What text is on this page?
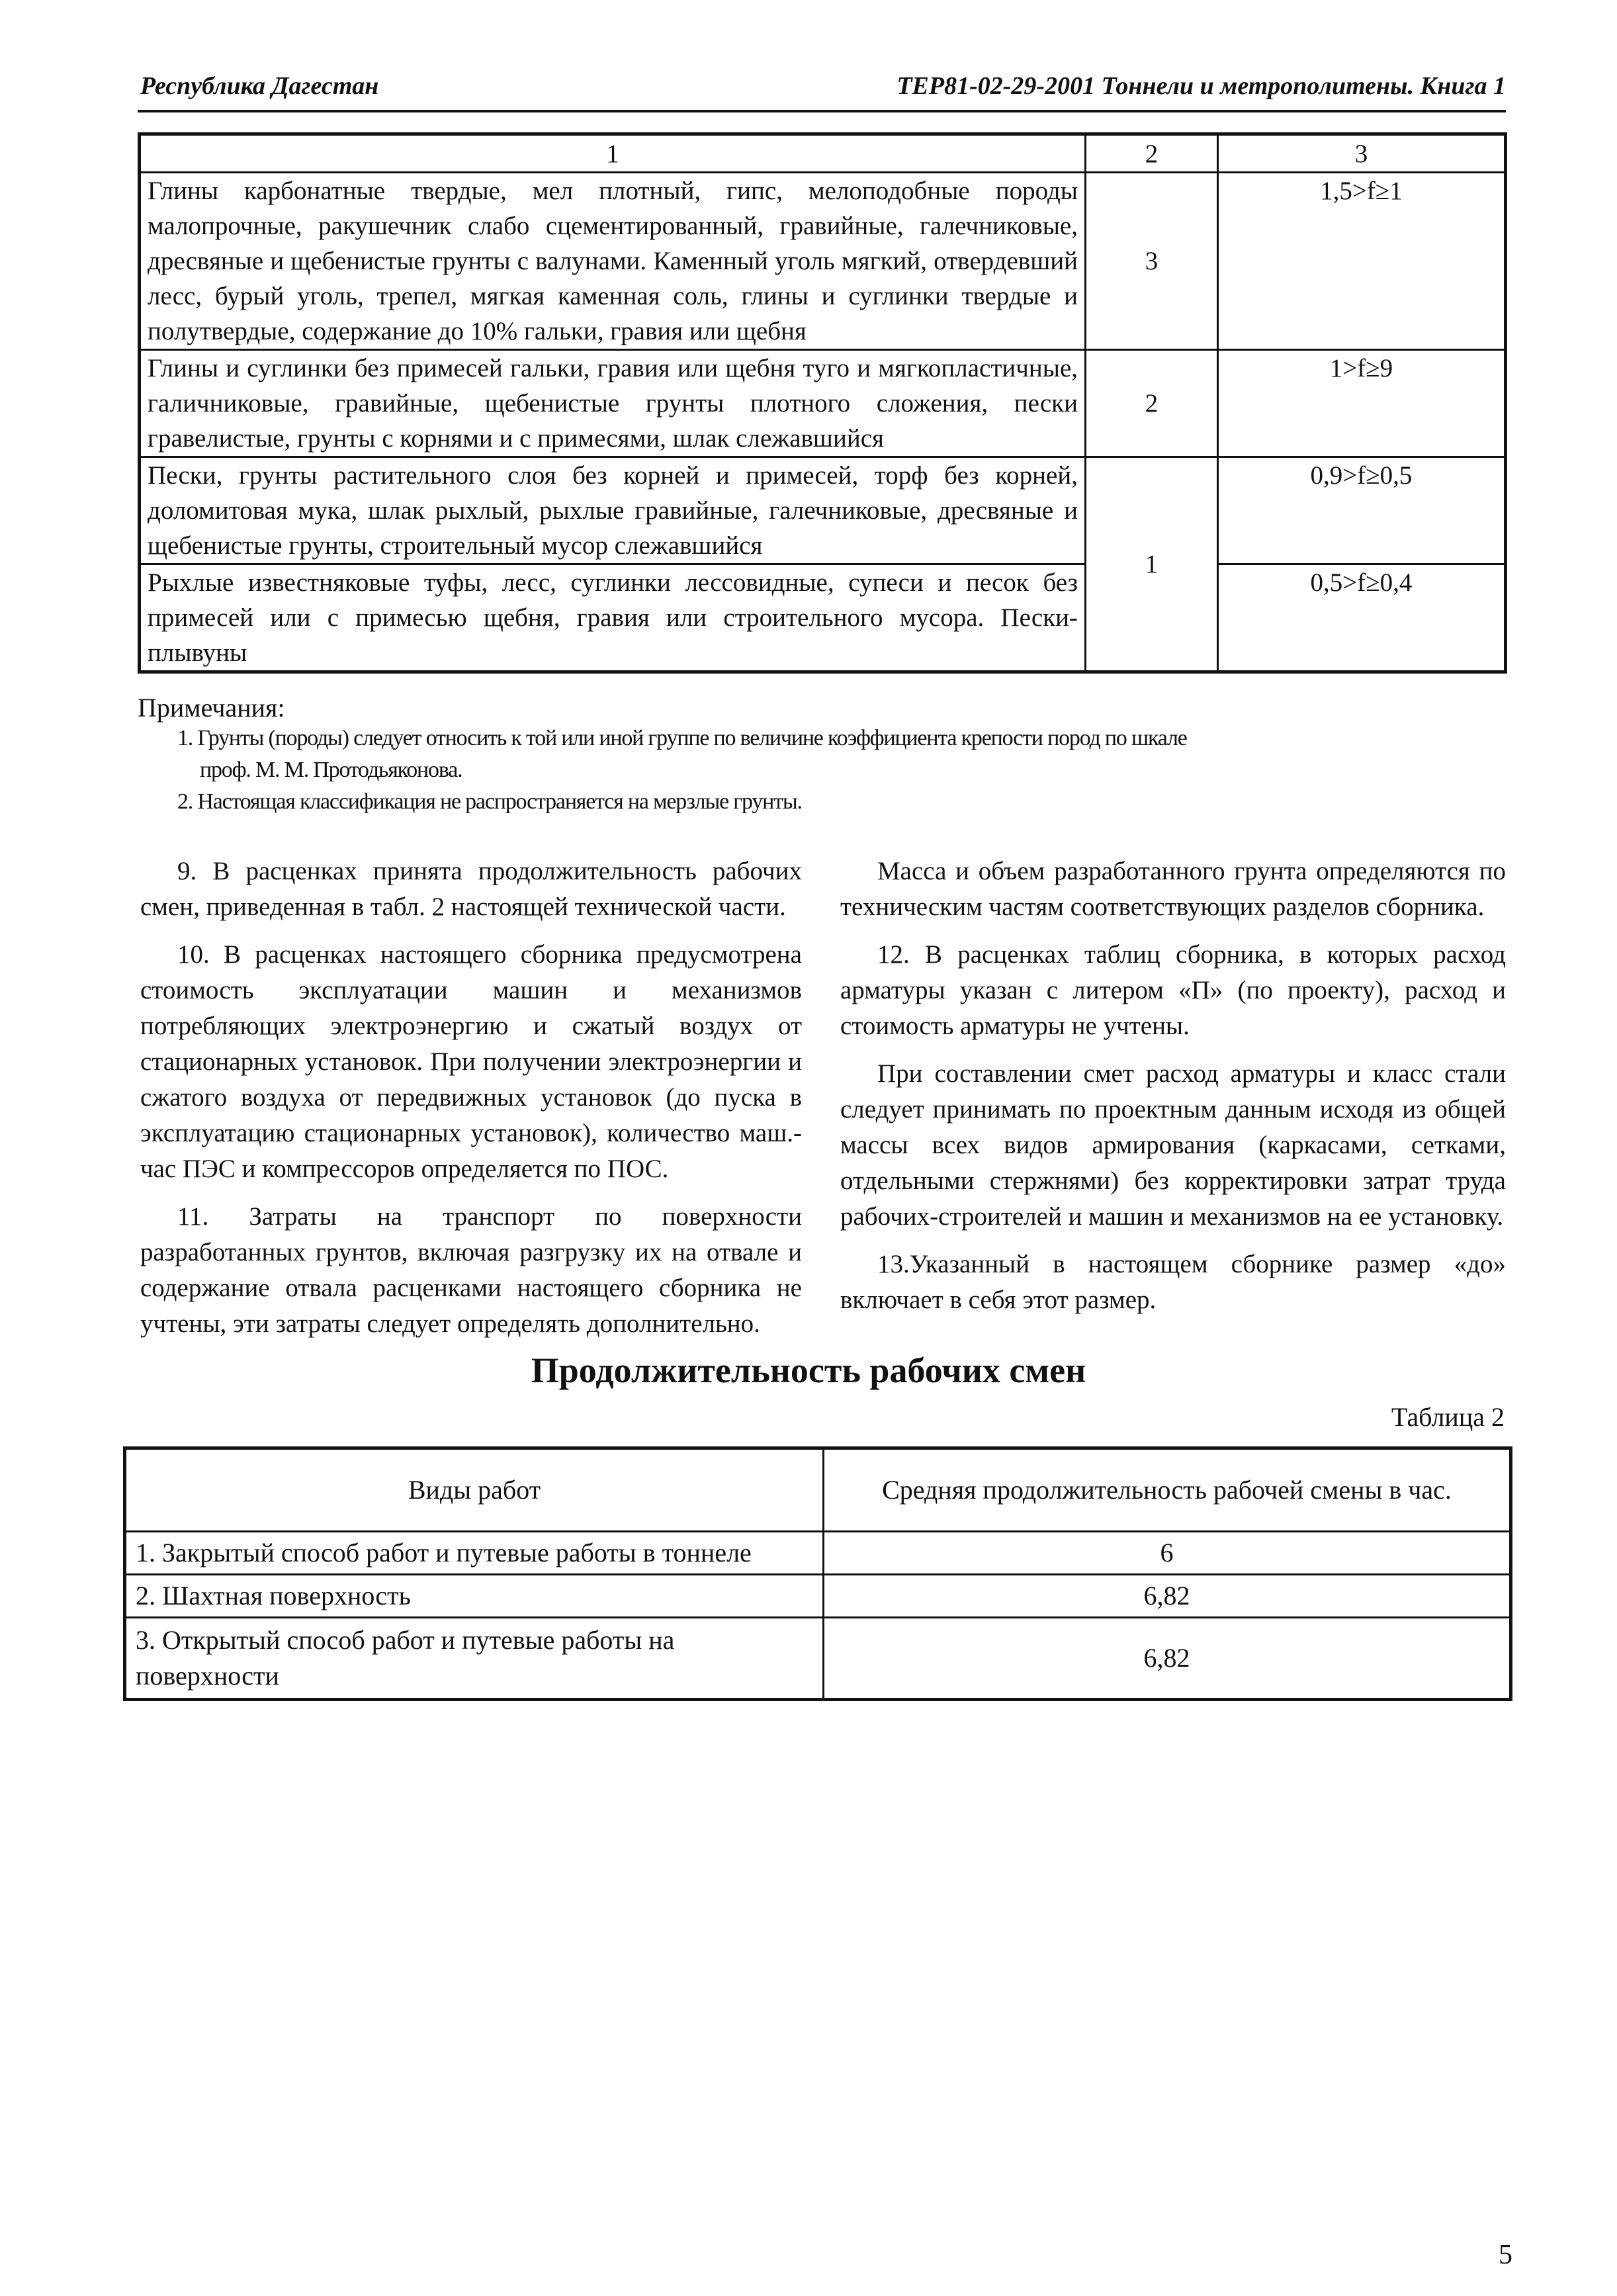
Республика Дагестан	ТЕР81-02-29-2001 Тоннели и метрополитены. Книга 1
1	2	3
Глины карбонатные твердые, мел плотный, гипс, мелоподобные породы малопрочные, ракушечник слабо сцементированный, гравийные, галечниковые, дресвяные и щебенистые грунты с валунами. Каменный уголь мягкий, отвердевший лесс, бурый уголь, трепел, мягкая каменная соль, глины и суглинки твердые и полутвердые, содержание до 10% гальки, гравия или щебня	3	1,5>f≥1
Глины и суглинки без примесей гальки, гравия или щебня туго и мягкопластичные, галичниковые, гравийные, щебенистые грунты плотного сложения, пески гравелистые, грунты с корнями и с примесями, шлак слежавшийся	2	1>f≥9
Пески, грунты растительного слоя без корней и примесей, торф без корней, доломитовая мука, шлак рыхлый, рыхлые гравийные, галечниковые, дресвяные и щебенистые грунты, строительный мусор слежавшийся	1	0,9>f≥0,5
Рыхлые известняковые туфы, лесс, суглинки лессовидные, супеси и песок без примесей или с примесью щебня, гравия или строительного мусора. Пески-плывуны		0,5>f≥0,4
Примечания:
1. Грунты (породы) следует относить к той или иной группе по величине коэффициента крепости пород по шкале
проф. М. М. Протодьяконова.
2. Настоящая классификация не распространяется на мерзлые грунты.

9. В расценках принята продолжительность рабочих смен, приведенная в табл. 2 настоящей технической части.

10. В расценках настоящего сборника предусмотрена стоимость эксплуатации машин и механизмов потребляющих электроэнергию и сжатый воздух от стационарных установок. При получении электроэнергии и сжатого воздуха от передвижных установок (до пуска в эксплуатацию стационарных установок), количество маш.-час ПЭС и компрессоров определяется по ПОС.

11. Затраты на транспорт по поверхности разработанных грунтов, включая разгрузку их на отвале и содержание отвала расценками настоящего сборника не учтены, эти затраты следует определять дополнительно.

Масса и объем разработанного грунта определяются по техническим частям соответствующих разделов сборника.

12. В расценках таблиц сборника, в которых расход арматуры указан с литером «П» (по проекту), расход и стоимость арматуры не учтены.

При составлении смет расход арматуры и класс стали следует принимать по проектным данным исходя из общей массы всех видов армирования (каркасами, сетками, отдельными стержнями) без корректировки затрат труда рабочих-строителей и машин и механизмов на ее установку.

13.Указанный в настоящем сборнике размер «до» включает в себя этот размер.

Продолжительность рабочих смен
Таблица 2
Виды работ	Средняя продолжительность рабочей смены в час.
1. Закрытый способ работ и путевые работы в тоннеле	6
2. Шахтная поверхность	6,82
3. Открытый способ работ и путевые работы на поверхности	6,82
5
